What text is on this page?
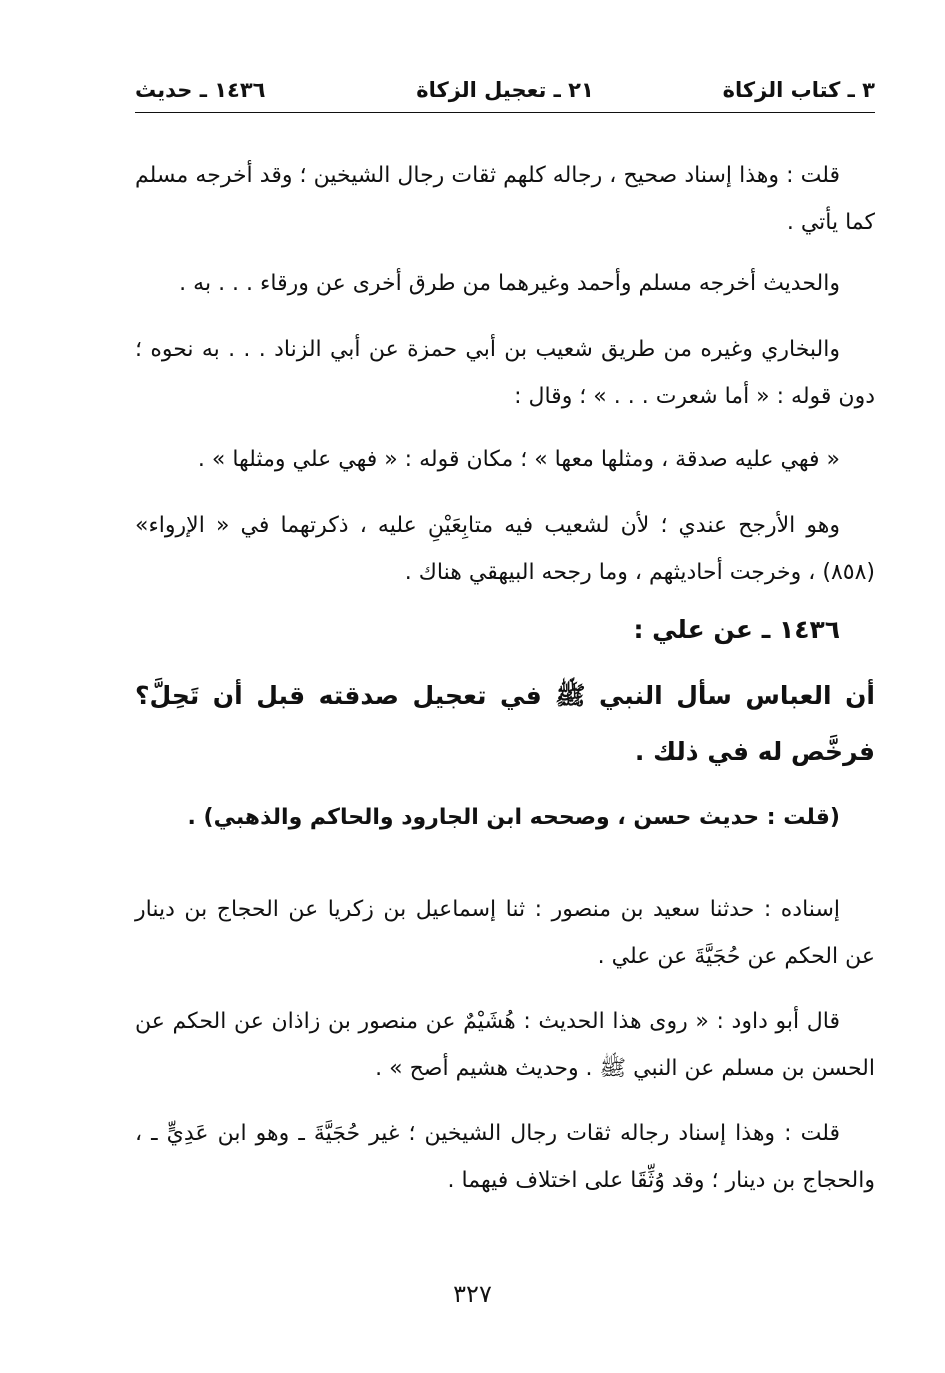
٣ ـ كتاب الزكاة
٢١ ـ تعجيل الزكاة
١٤٣٦ ـ حديث

قلت : وهذا إسناد صحيح ، رجاله كلهم ثقات رجال الشيخين ؛ وقد أخرجه مسلم كما يأتي .

والحديث أخرجه مسلم وأحمد وغيرهما من طرق أخرى عن ورقاء . . . به .

والبخاري وغيره من طريق شعيب بن أبي حمزة عن أبي الزناد . . . به نحوه ؛ دون قوله : « أما شعرت . . . » ؛ وقال :

« فهي عليه صدقة ، ومثلها معها » ؛ مكان قوله : « فهي علي ومثلها » .

وهو الأرجح عندي ؛ لأن لشعيب فيه متابِعَيْنِ عليه ، ذكرتهما في « الإرواء» (٨٥٨) ، وخرجت أحاديثهم ، وما رجحه البيهقي هناك .

١٤٣٦ ـ عن علي :
أن العباس سأل النبي ﷺ في تعجيل صدقته قبل أن تَحِلَّ؟ فرخَّص له في ذلك .
(قلت : حديث حسن ، وصححه ابن الجارود والحاكم والذهبي) .

إسناده : حدثنا سعيد بن منصور : ثنا إسماعيل بن زكريا عن الحجاج بن دينار عن الحكم عن حُجَيَّةَ عن علي .

قال أبو داود : « روى هذا الحديث : هُشَيْمٌ عن منصور بن زاذان عن الحكم عن الحسن بن مسلم عن النبي ﷺ . وحديث هشيم أصح » .

قلت : وهذا إسناد رجاله ثقات رجال الشيخين ؛ غير حُجَيَّةَ ـ وهو ابن عَدِيٍّ ـ ، والحجاج بن دينار ؛ وقد وُثِّقَا على اختلاف فيهما .

٣٢٧
